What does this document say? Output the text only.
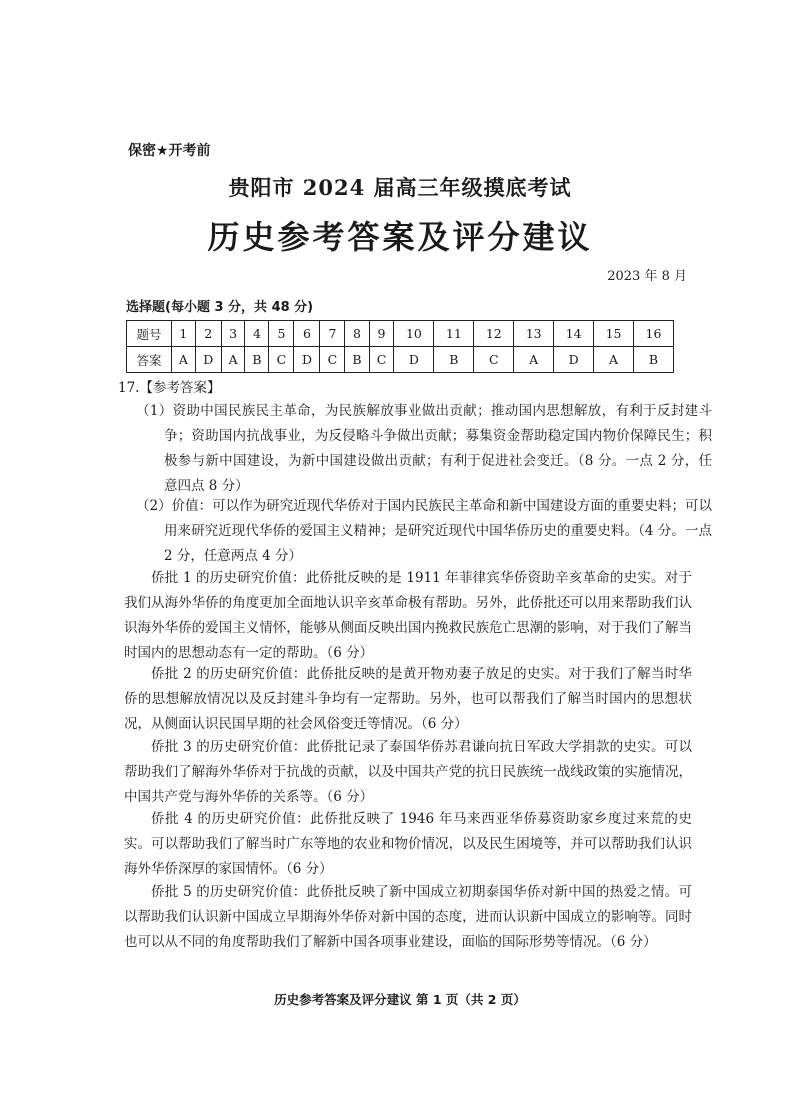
保密★开考前
贵阳市 2024 届高三年级摸底考试
历史参考答案及评分建议
2023 年 8 月
选择题(每小题 3 分，共 48 分)
题号	1	2	3	4	5	6	7	8	9	10	11	12	13	14	15	16
答案	A	D	A	B	C	D	C	B	C	D	B	C	A	D	A	B
17.【参考答案】

（1）资助中国民族民主革命，为民族解放事业做出贡献；推动国内思想解放，有利于反封建斗争；资助国内抗战事业，为反侵略斗争做出贡献；募集资金帮助稳定国内物价保障民生；积极参与新中国建设，为新中国建设做出贡献；有利于促进社会变迁。（8 分。一点 2 分，任意四点 8 分）

（2）价值：可以作为研究近现代华侨对于国内民族民主革命和新中国建设方面的重要史料；可以用来研究近现代华侨的爱国主义精神；是研究近现代中国华侨历史的重要史料。（4 分。一点 2 分，任意两点 4 分）

侨批 1 的历史研究价值：此侨批反映的是 1911 年菲律宾华侨资助辛亥革命的史实。对于我们从海外华侨的角度更加全面地认识辛亥革命极有帮助。另外，此侨批还可以用来帮助我们认识海外华侨的爱国主义情怀，能够从侧面反映出国内挽救民族危亡思潮的影响，对于我们了解当时国内的思想动态有一定的帮助。（6 分）

侨批 2 的历史研究价值：此侨批反映的是黄开物劝妻子放足的史实。对于我们了解当时华侨的思想解放情况以及反封建斗争均有一定帮助。另外，也可以帮我们了解当时国内的思想状况，从侧面认识民国早期的社会风俗变迁等情况。（6 分）

侨批 3 的历史研究价值：此侨批记录了泰国华侨苏君谦向抗日军政大学捐款的史实。可以帮助我们了解海外华侨对于抗战的贡献，以及中国共产党的抗日民族统一战线政策的实施情况，中国共产党与海外华侨的关系等。（6 分）

侨批 4 的历史研究价值：此侨批反映了 1946 年马来西亚华侨募资助家乡度过来荒的史实。可以帮助我们了解当时广东等地的农业和物价情况，以及民生困境等，并可以帮助我们认识海外华侨深厚的家国情怀。（6 分）

侨批 5 的历史研究价值：此侨批反映了新中国成立初期泰国华侨对新中国的热爱之情。可以帮助我们认识新中国成立早期海外华侨对新中国的态度，进而认识新中国成立的影响等。同时也可以从不同的角度帮助我们了解新中国各项事业建设，面临的国际形势等情况。（6 分）

历史参考答案及评分建议 第 1 页（共 2 页）
